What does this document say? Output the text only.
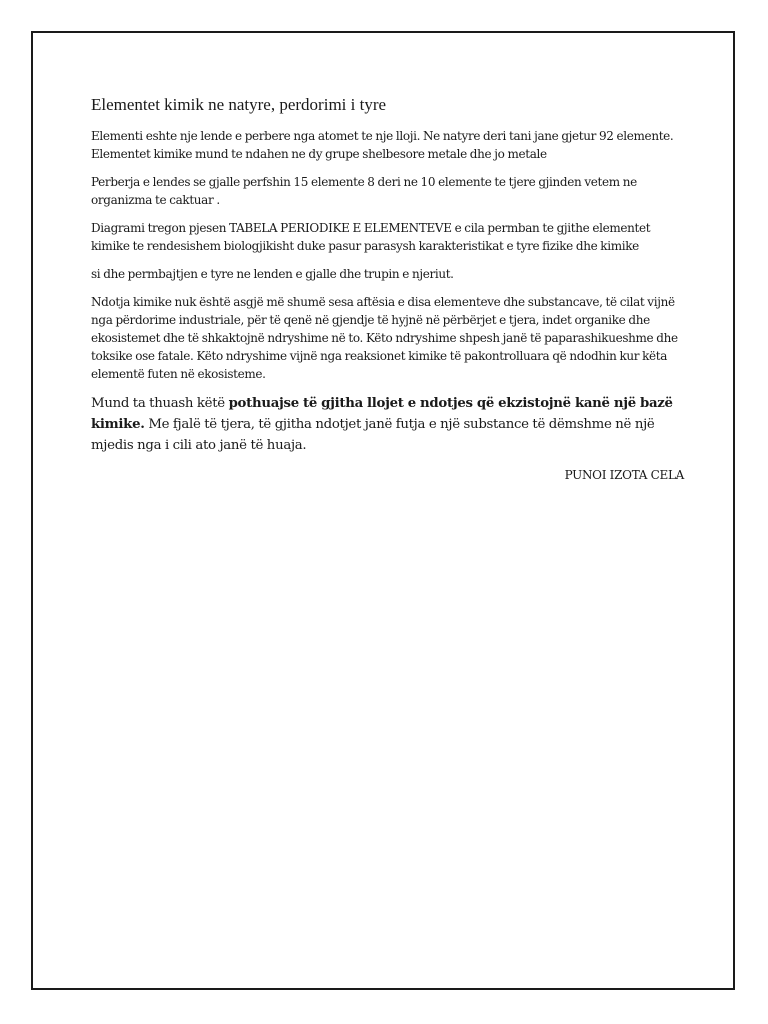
Elementet kimik ne natyre, perdorimi i tyre

Elementi eshte nje lende e perbere nga atomet te nje lloji. Ne natyre deri tani jane gjetur 92 elemente. Elementet kimike mund te ndahen ne dy grupe shelbesore metale dhe jo metale

Perberja e lendes se gjalle perfshin 15 elemente 8 deri ne 10 elemente te tjere gjinden vetem ne organizma te caktuar .

Diagrami tregon pjesen TABELA PERIODIKE E ELEMENTEVE e cila permban te gjithe elementet kimike te rendesishem biologjikisht duke pasur parasysh karakteristikat e tyre fizike dhe kimike

si dhe permbajtjen e tyre ne lenden e gjalle dhe trupin e njeriut.

Ndotja kimike nuk është asgjë më shumë sesa aftësia e disa elementeve dhe substancave, të cilat vijnë nga përdorime industriale, për të qenë në gjendje të hyjnë në përbërjet e tjera, indet organike dhe ekosistemet dhe të shkaktojnë ndryshime në to. Këto ndryshime shpesh janë të paparashikueshme dhe toksike ose fatale. Këto ndryshime vijnë nga reaksionet kimike të pakontrolluara që ndodhin kur këta elementë futen në ekosisteme.

Mund ta thuash këtë pothuajse të gjitha llojet e ndotjes që ekzistojnë kanë një bazë kimike. Me fjalë të tjera, të gjitha ndotjet janë futja e një substance të dëmshme në një mjedis nga i cili ato janë të huaja.

PUNOI IZOTA CELA
